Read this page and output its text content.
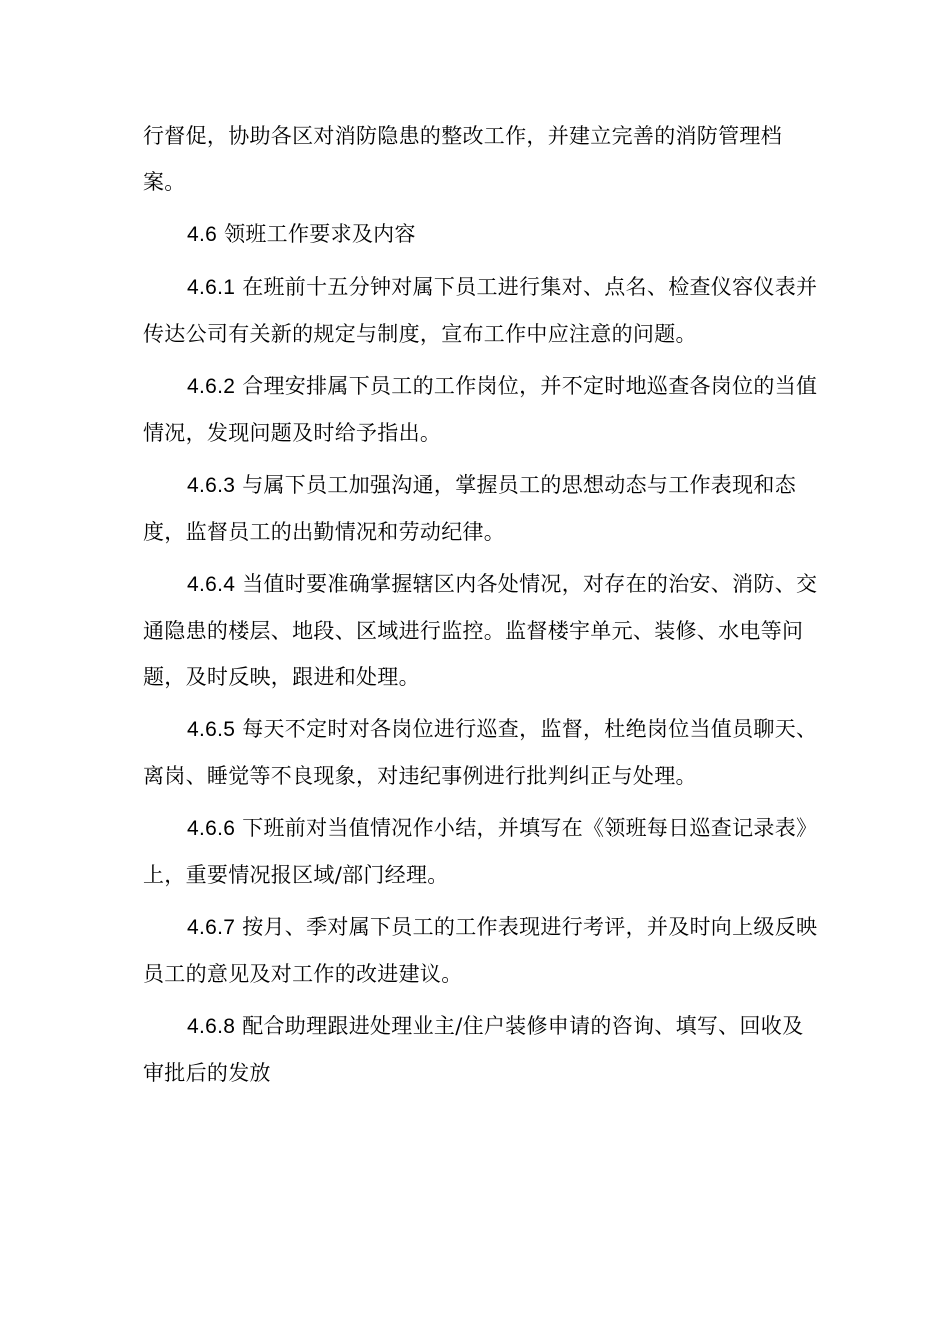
行督促，协助各区对消防隐患的整改工作，并建立完善的消防管理档案。

4.6 领班工作要求及内容

4.6.1 在班前十五分钟对属下员工进行集对、点名、检查仪容仪表并传达公司有关新的规定与制度，宣布工作中应注意的问题。

4.6.2 合理安排属下员工的工作岗位，并不定时地巡查各岗位的当值情况，发现问题及时给予指出。

4.6.3 与属下员工加强沟通，掌握员工的思想动态与工作表现和态度，监督员工的出勤情况和劳动纪律。

4.6.4 当值时要准确掌握辖区内各处情况，对存在的治安、消防、交通隐患的楼层、地段、区域进行监控。监督楼宇单元、装修、水电等问题，及时反映，跟进和处理。

4.6.5 每天不定时对各岗位进行巡查，监督，杜绝岗位当值员聊天、离岗、睡觉等不良现象，对违纪事例进行批判纠正与处理。

4.6.6 下班前对当值情况作小结，并填写在《领班每日巡查记录表》上，重要情况报区域/部门经理。

4.6.7 按月、季对属下员工的工作表现进行考评，并及时向上级反映员工的意见及对工作的改进建议。

4.6.8 配合助理跟进处理业主/住户装修申请的咨询、填写、回收及审批后的发放
